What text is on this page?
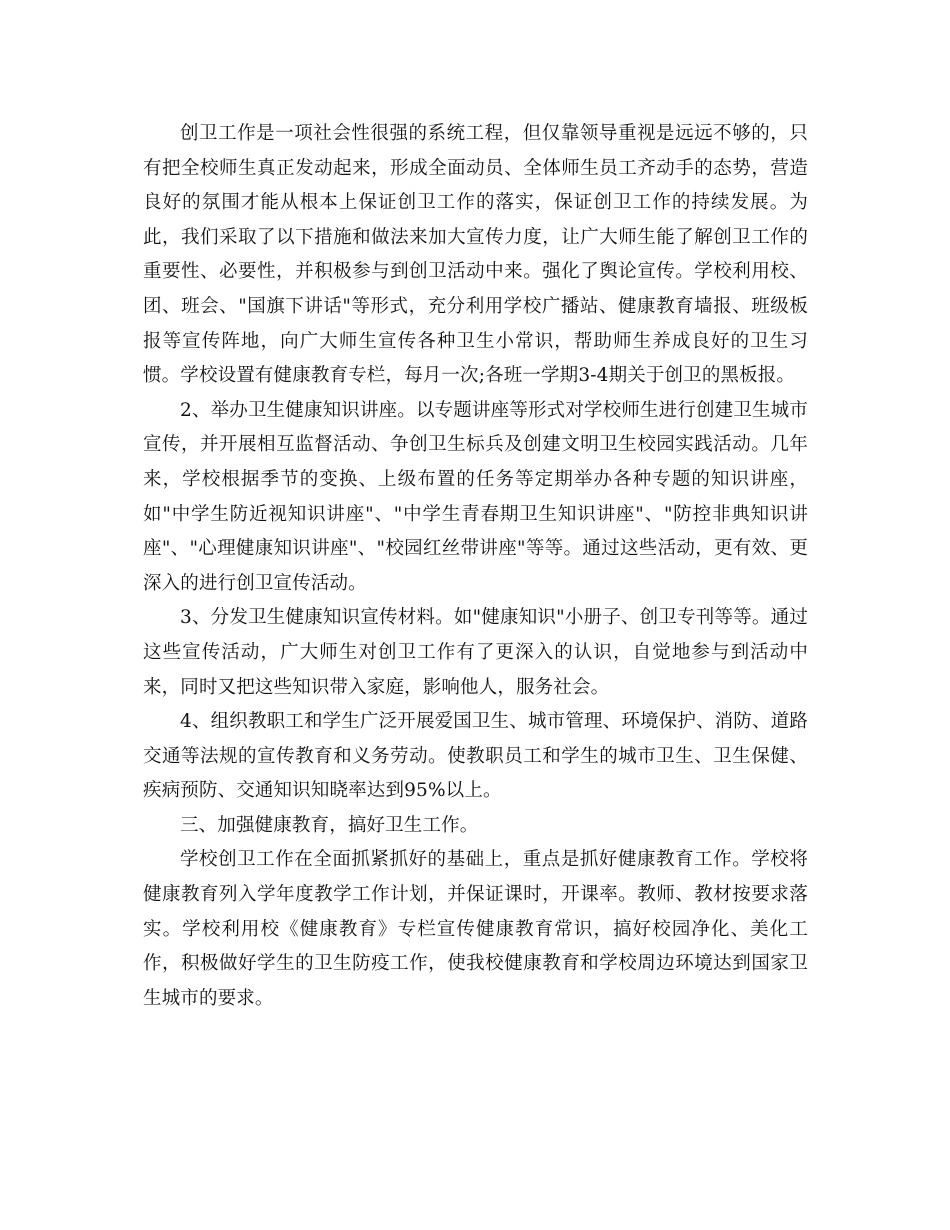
创卫工作是一项社会性很强的系统工程，但仅靠领导重视是远远不够的，只有把全校师生真正发动起来，形成全面动员、全体师生员工齐动手的态势，营造良好的氛围才能从根本上保证创卫工作的落实，保证创卫工作的持续发展。为此，我们采取了以下措施和做法来加大宣传力度，让广大师生能了解创卫工作的重要性、必要性，并积极参与到创卫活动中来。强化了舆论宣传。学校利用校、团、班会、"国旗下讲话"等形式，充分利用学校广播站、健康教育墙报、班级板报等宣传阵地，向广大师生宣传各种卫生小常识，帮助师生养成良好的卫生习惯。学校设置有健康教育专栏，每月一次;各班一学期3-4期关于创卫的黑板报。

2、举办卫生健康知识讲座。以专题讲座等形式对学校师生进行创建卫生城市宣传，并开展相互监督活动、争创卫生标兵及创建文明卫生校园实践活动。几年来，学校根据季节的变换、上级布置的任务等定期举办各种专题的知识讲座，如"中学生防近视知识讲座"、"中学生青春期卫生知识讲座"、"防控非典知识讲座"、"心理健康知识讲座"、"校园红丝带讲座"等等。通过这些活动，更有效、更深入的进行创卫宣传活动。

3、分发卫生健康知识宣传材料。如"健康知识"小册子、创卫专刊等等。通过这些宣传活动，广大师生对创卫工作有了更深入的认识，自觉地参与到活动中来，同时又把这些知识带入家庭，影响他人，服务社会。

4、组织教职工和学生广泛开展爱国卫生、城市管理、环境保护、消防、道路交通等法规的宣传教育和义务劳动。使教职员工和学生的城市卫生、卫生保健、疾病预防、交通知识知晓率达到95%以上。

三、加强健康教育，搞好卫生工作。

学校创卫工作在全面抓紧抓好的基础上，重点是抓好健康教育工作。学校将健康教育列入学年度教学工作计划，并保证课时，开课率。教师、教材按要求落实。学校利用校《健康教育》专栏宣传健康教育常识，搞好校园净化、美化工作，积极做好学生的卫生防疫工作，使我校健康教育和学校周边环境达到国家卫生城市的要求。
